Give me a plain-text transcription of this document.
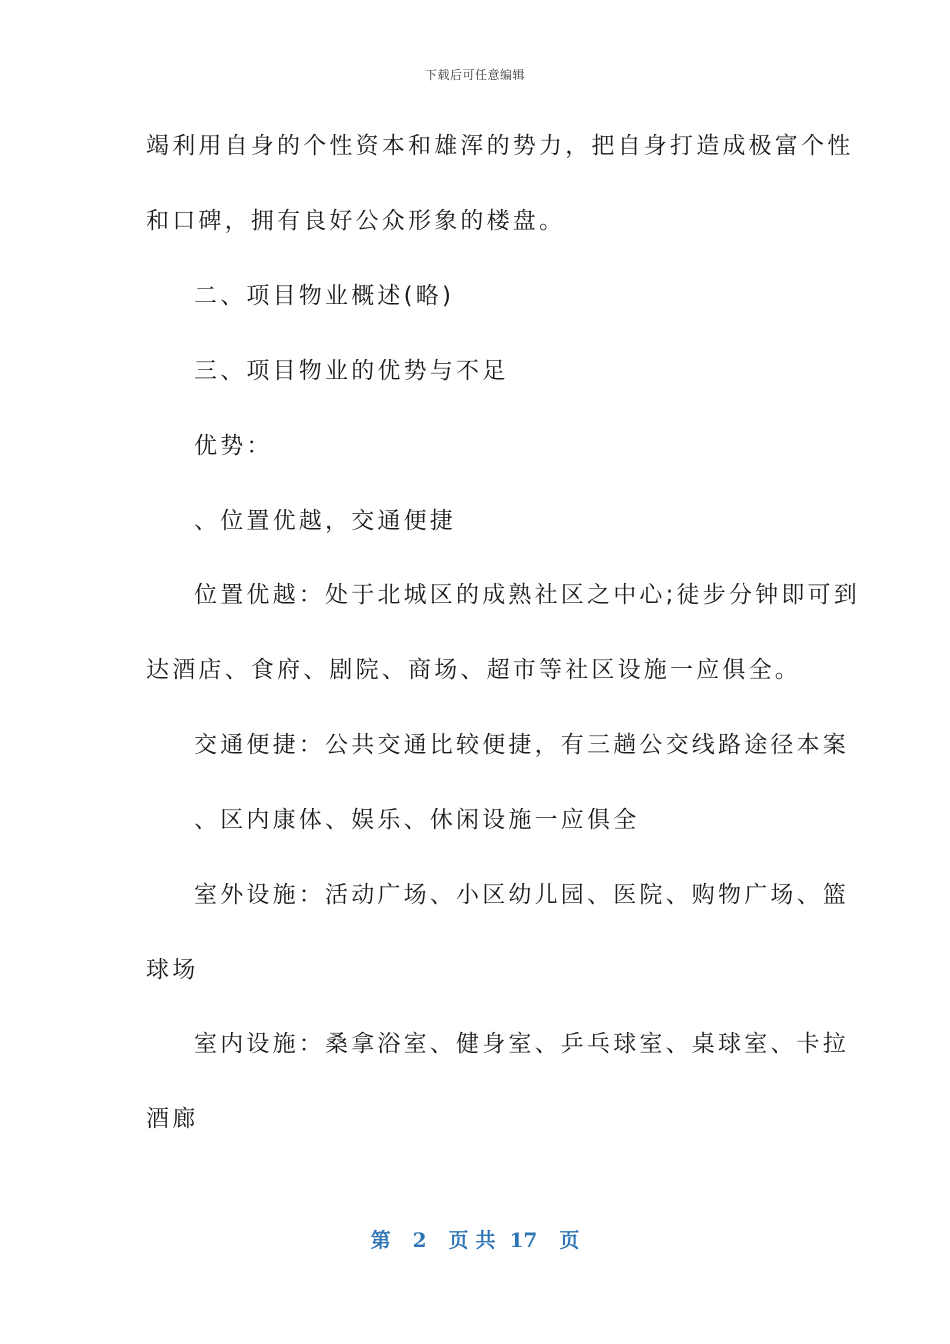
下载后可任意编辑
竭利用自身的个性资本和雄浑的势力，把自身打造成极富个性
和口碑，拥有良好公众形象的楼盘。
二、项目物业概述(略)
三、项目物业的优势与不足
优势：
、位置优越，交通便捷
位置优越：处于北城区的成熟社区之中心;徒步分钟即可到
达酒店、食府、剧院、商场、超市等社区设施一应俱全。
交通便捷：公共交通比较便捷，有三趟公交线路途径本案
、区内康体、娱乐、休闲设施一应俱全
室外设施：活动广场、小区幼儿园、医院、购物广场、篮
球场
室内设施：桑拿浴室、健身室、乒乓球室、桌球室、卡拉
酒廊
第 2 页 共 17 页
